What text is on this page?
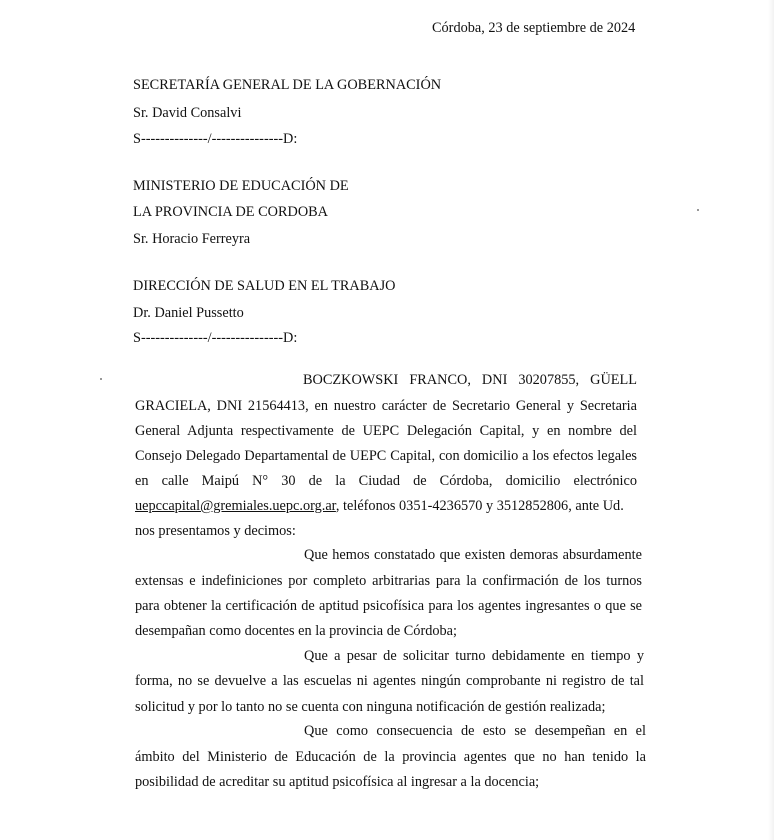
Córdoba, 23 de septiembre de 2024
SECRETARÍA GENERAL DE LA GOBERNACIÓN
Sr. David Consalvi
S--------------/---------------D:
MINISTERIO DE EDUCACIÓN DE
LA PROVINCIA DE CORDOBA
Sr. Horacio Ferreyra
DIRECCIÓN DE SALUD EN EL TRABAJO
Dr. Daniel Pussetto
S--------------/---------------D:
BOCZKOWSKI FRANCO, DNI 30207855, GÜELL
GRACIELA, DNI 21564413, en nuestro carácter de Secretario General y Secretaria
General Adjunta respectivamente de UEPC Delegación Capital, y en nombre del
Consejo Delegado Departamental de UEPC Capital, con domicilio a los efectos legales
en calle Maipú N° 30 de la Ciudad de Córdoba, domicilio electrónico
uepccapital@gremiales.uepc.org.ar, teléfonos 0351-4236570 y 3512852806, ante Ud.
nos presentamos y decimos:
Que hemos constatado que existen demoras absurdamente
extensas e indefiniciones por completo arbitrarias para la confirmación de los turnos
para obtener la certificación de aptitud psicofísica para los agentes ingresantes o que se
desempañan como docentes en la provincia de Córdoba;
Que a pesar de solicitar turno debidamente en tiempo y
forma, no se devuelve a las escuelas ni agentes ningún comprobante ni registro de tal
solicitud y por lo tanto no se cuenta con ninguna notificación de gestión realizada;
Que como consecuencia de esto se desempeñan en el
ámbito del Ministerio de Educación de la provincia agentes que no han tenido la
posibilidad de acreditar su aptitud psicofísica al ingresar a la docencia;
